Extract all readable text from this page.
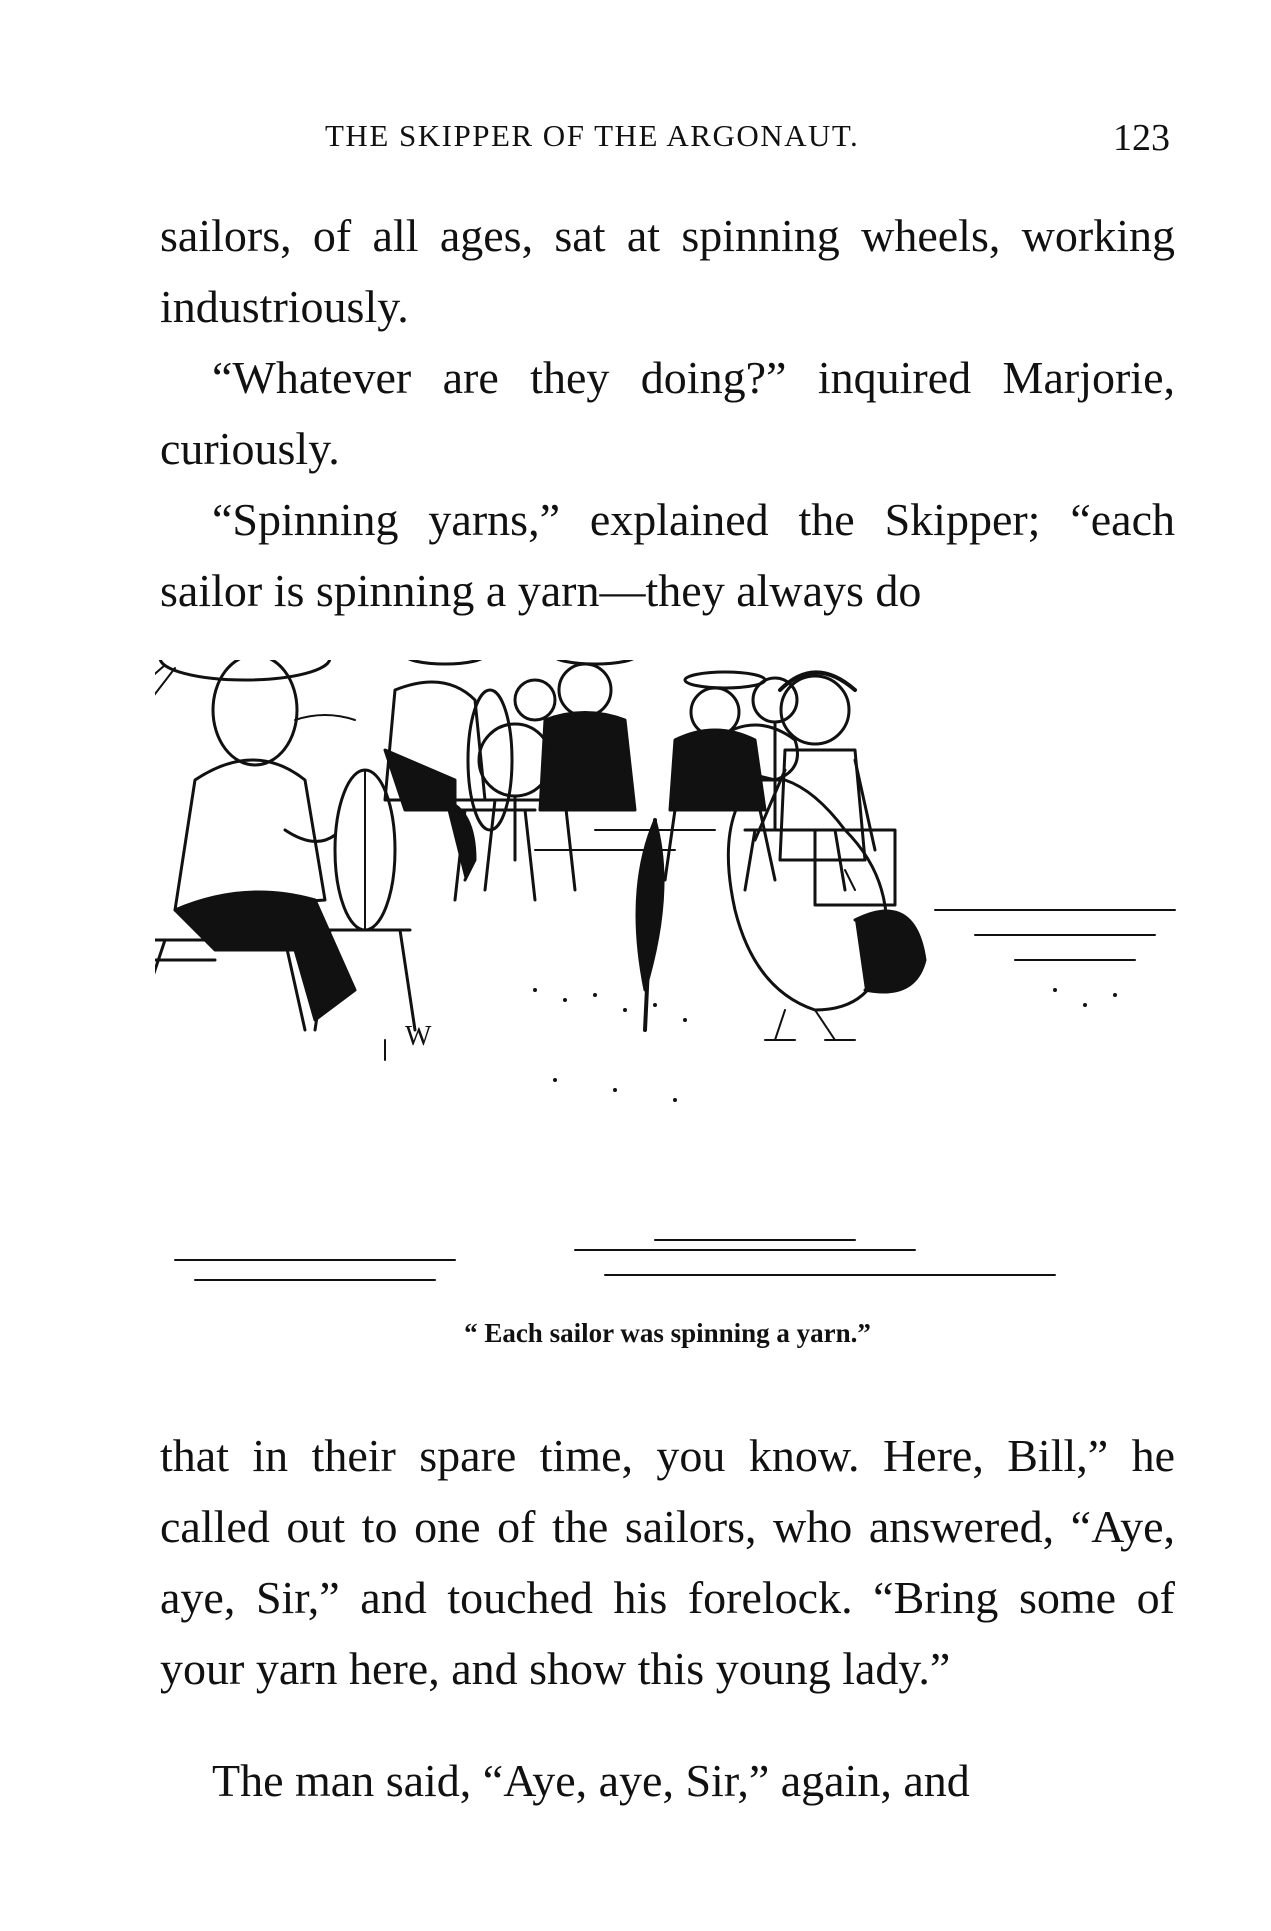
THE SKIPPER OF THE ARGONAUT.	123

sailors, of all ages, sat at spinning wheels, working industriously.

“Whatever are they doing?” inquired Marjorie, curiously.

“Spinning yarns,” explained the Skipper; “each sailor is spinning a yarn—they always do

W
“ Each sailor was spinning a yarn.”

that in their spare time, you know. Here, Bill,” he called out to one of the sailors, who answered, “Aye, aye, Sir,” and touched his forelock. “Bring some of your yarn here, and show this young lady.”

The man said, “Aye, aye, Sir,” again, and
